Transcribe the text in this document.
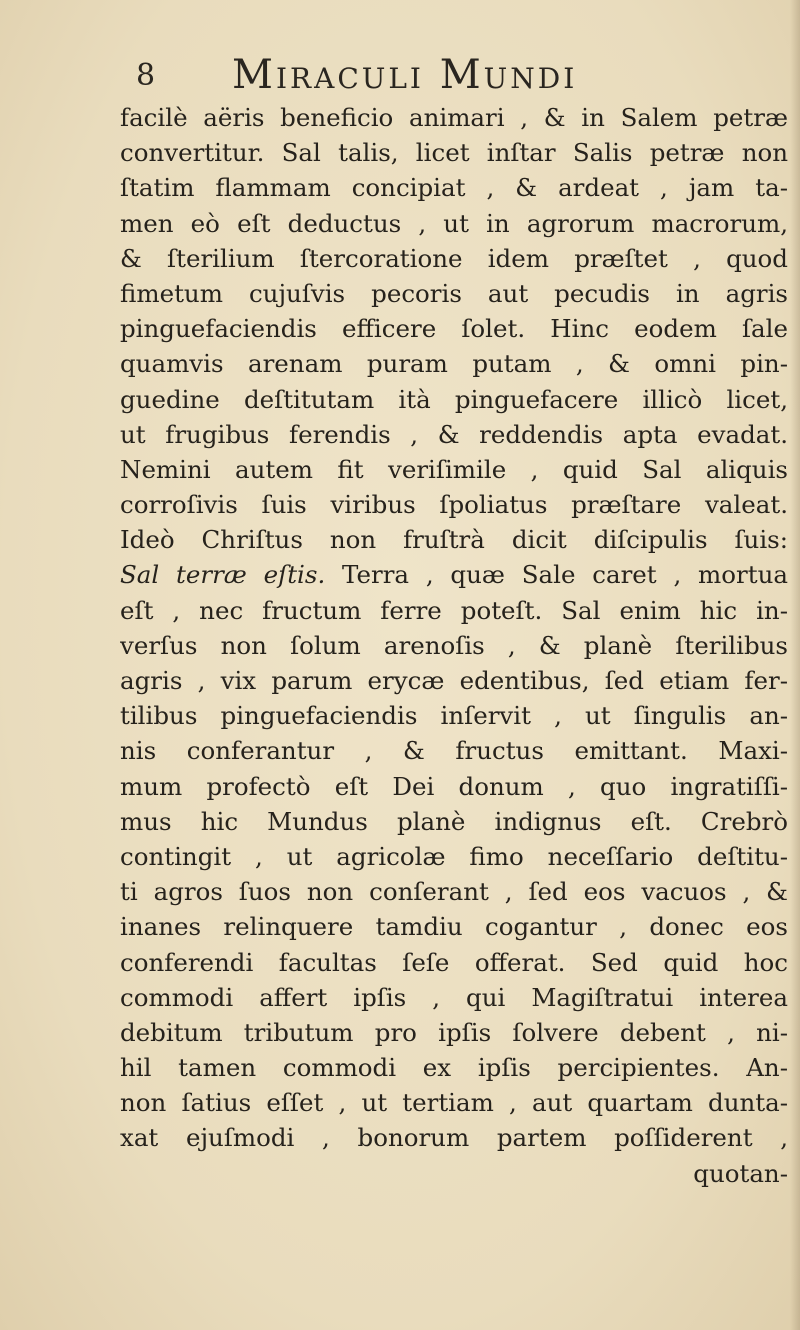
8 Miraculi Mundi
facilè aëris beneficio animari , & in Salem petræ
convertitur. Sal talis, licet inſtar Salis petræ non
ſtatim flammam concipiat , & ardeat , jam ta-
men eò eſt deductus , ut in agrorum macrorum,
& ſterilium ſtercoratione idem præſtet , quod
fimetum cujuſvis pecoris aut pecudis in agris
pinguefaciendis efficere ſolet. Hinc eodem ſale
quamvis arenam puram putam , & omni pin-
guedine deſtitutam ità pinguefacere illicò licet,
ut frugibus ferendis , & reddendis apta evadat.
Nemini autem fit veriſimile , quid Sal aliquis
corroſivis ſuis viribus ſpoliatus præſtare valeat.
Ideò Chriſtus non fruſtrà dicit diſcipulis ſuis:
Sal terræ eſtis. Terra , quæ Sale caret , mortua
eſt , nec fructum ferre poteſt. Sal enim hic in-
verſus non ſolum arenoſis , & planè ſterilibus
agris , vix parum erycæ edentibus, ſed etiam fer-
tilibus pinguefaciendis inſervit , ut ſingulis an-
nis conferantur , & fructus emittant. Maxi-
mum profectò eſt Dei donum , quo ingratiſſi-
mus hic Mundus planè indignus eſt. Crebrò
contingit , ut agricolæ fimo neceſſario deſtitu-
ti agros ſuos non conſerant , ſed eos vacuos , &
inanes relinquere tamdiu cogantur , donec eos
conferendi facultas ſeſe offerat. Sed quid hoc
commodi affert ipſis , qui Magiſtratui interea
debitum tributum pro ipſis ſolvere debent , ni-
hil tamen commodi ex ipſis percipientes. An-
non ſatius eſſet , ut tertiam , aut quartam dunta-
xat ejuſmodi , bonorum partem poſſiderent ,
quotan-
